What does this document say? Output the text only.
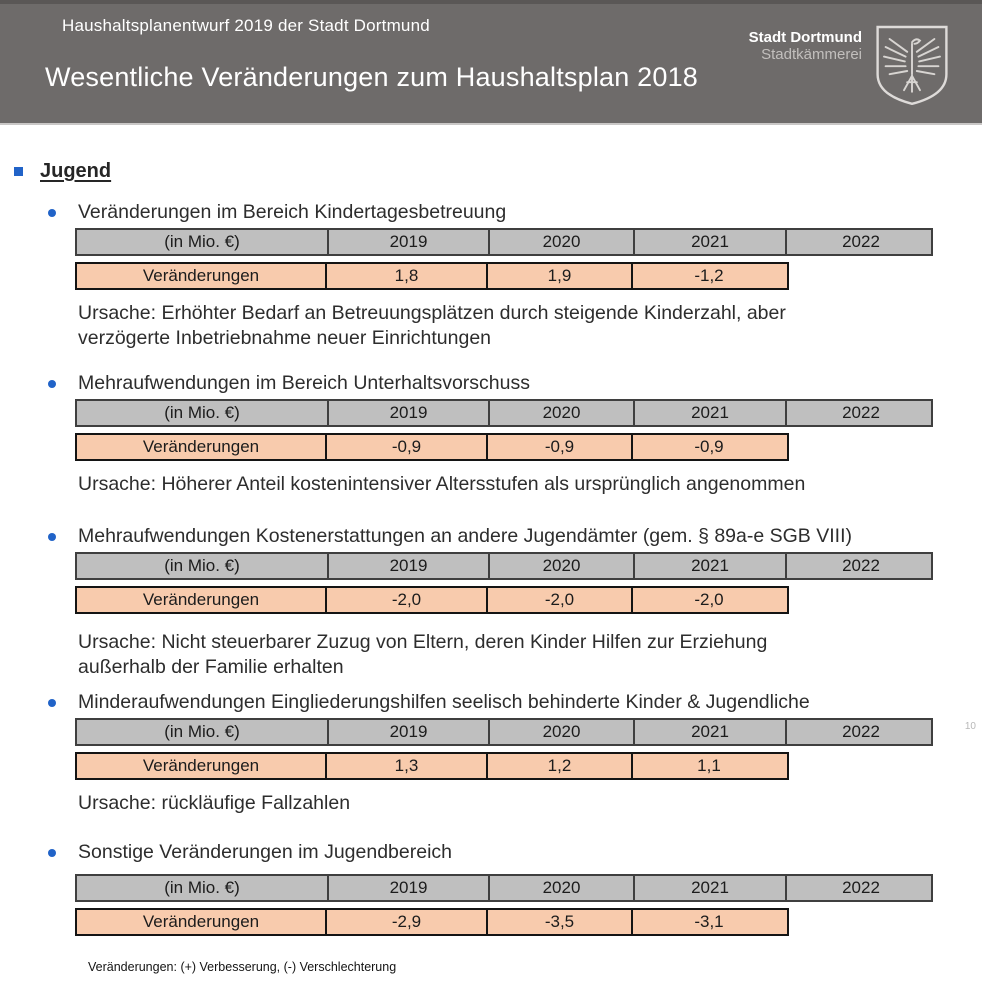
Haushaltsplanentwurf 2019 der Stadt Dortmund
Wesentliche Veränderungen zum Haushaltsplan 2018
Stadt Dortmund
Stadtkämmerei
Jugend
Veränderungen im Bereich Kindertagesbetreuung
(in Mio. €)	2019	2020	2021	2022
Veränderungen	1,8	1,9	-1,2
Ursache: Erhöhter Bedarf an Betreuungsplätzen durch steigende Kinderzahl, aber
verzögerte Inbetriebnahme neuer Einrichtungen
Mehraufwendungen im Bereich Unterhaltsvorschuss
(in Mio. €)	2019	2020	2021	2022
Veränderungen	-0,9	-0,9	-0,9
Ursache: Höherer Anteil kostenintensiver Altersstufen als ursprünglich angenommen
Mehraufwendungen Kostenerstattungen an andere Jugendämter (gem. § 89a-e SGB VIII)
(in Mio. €)	2019	2020	2021	2022
Veränderungen	-2,0	-2,0	-2,0
Ursache: Nicht steuerbarer Zuzug von Eltern, deren Kinder Hilfen zur Erziehung
außerhalb der Familie erhalten
Minderaufwendungen Eingliederungshilfen seelisch behinderte Kinder & Jugendliche
(in Mio. €)	2019	2020	2021	2022
Veränderungen	1,3	1,2	1,1
Ursache: rückläufige Fallzahlen
Sonstige Veränderungen im Jugendbereich
(in Mio. €)	2019	2020	2021	2022
Veränderungen	-2,9	-3,5	-3,1
Veränderungen: (+) Verbesserung, (-) Verschlechterung
10
